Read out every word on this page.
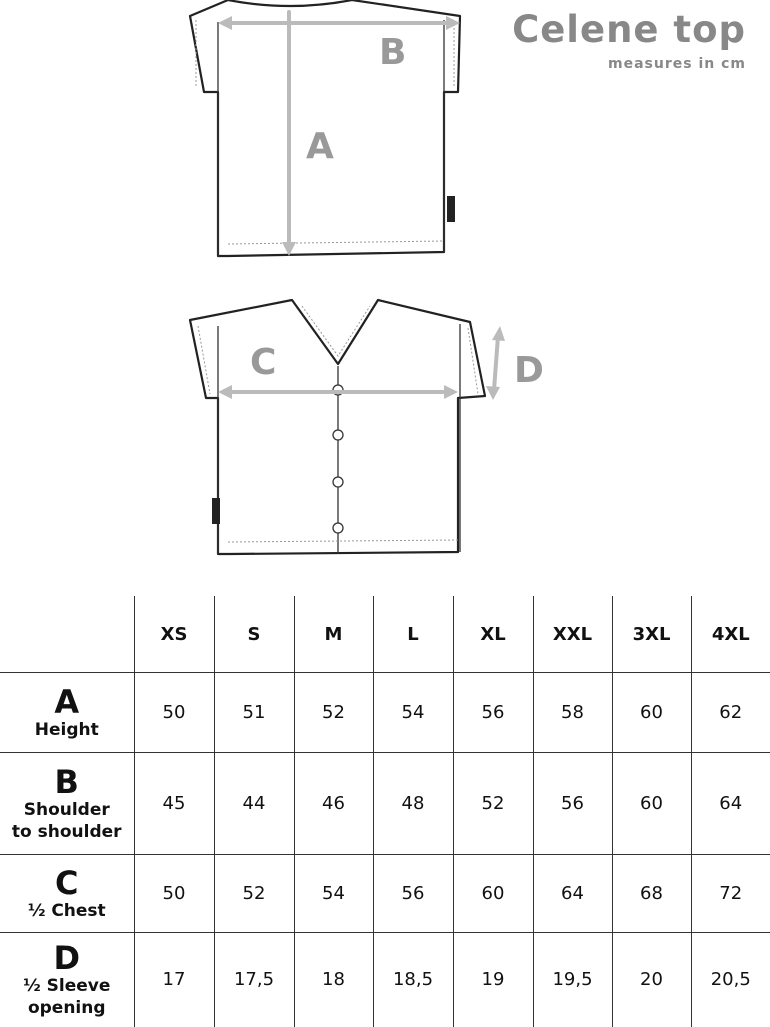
Celene top
measures in cm
B
A
C	D
	XS	S	M	L	XL	XXL	3XL	4XL

A
Height	50	51	52	54	56	58	60	62

B
Shoulder
to shoulder	45	44	46	48	52	56	60	64

C
½ Chest	50	52	54	56	60	64	68	72

D
½ Sleeve
opening	17	17,5	18	18,5	19	19,5	20	20,5
